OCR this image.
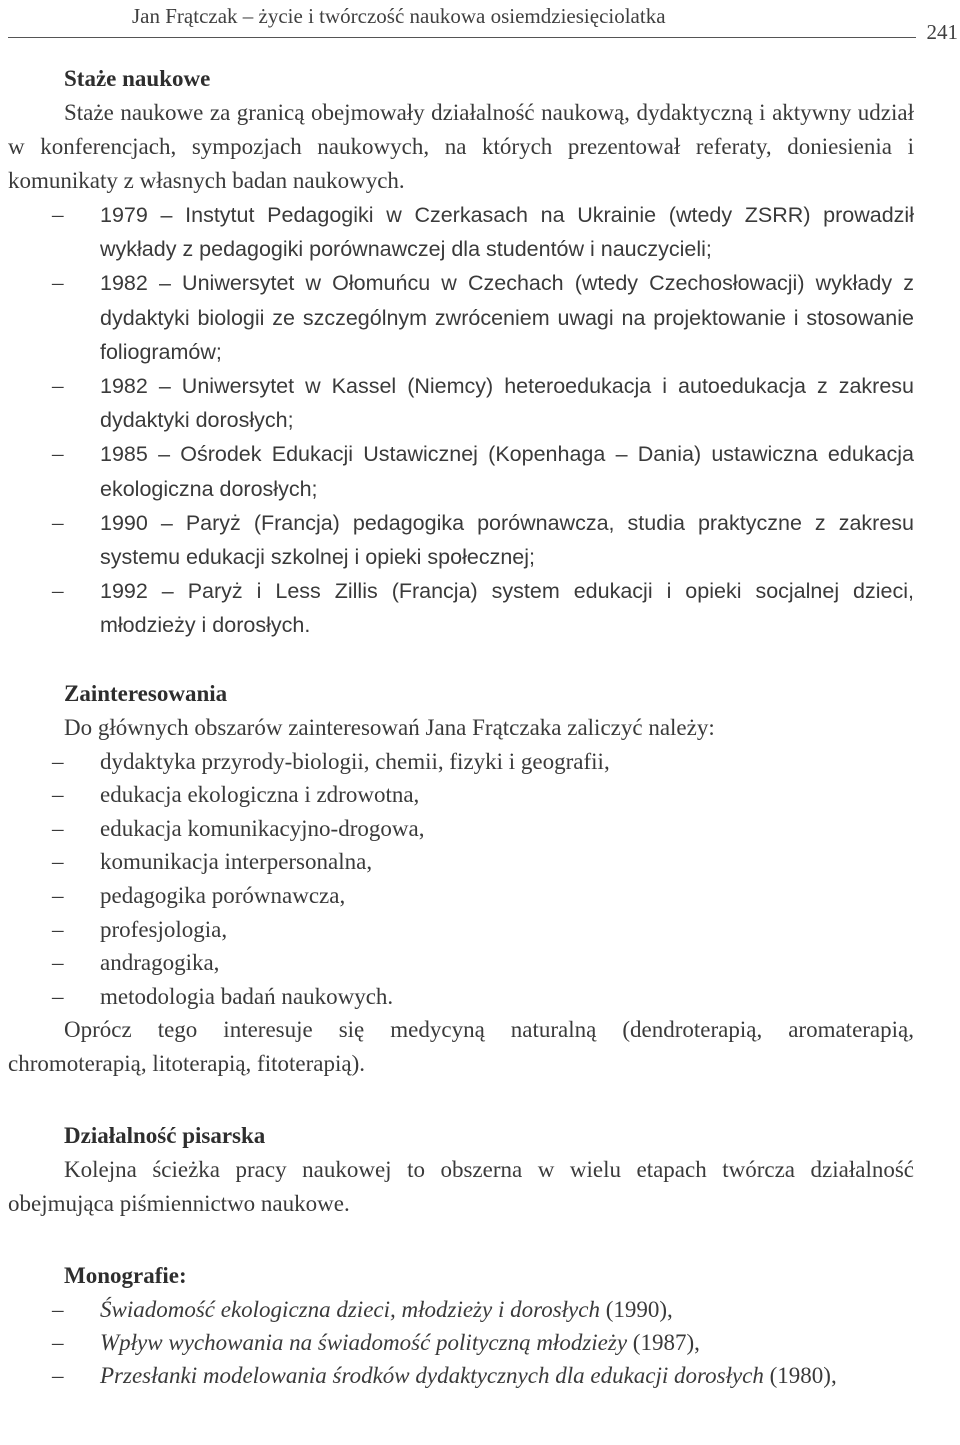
Jan Frątczak – życie i twórczość naukowa osiemdziesięciolatka
241
Staże naukowe

Staże naukowe za granicą obejmowały działalność naukową, dydaktyczną i aktywny udział w konferencjach, sympozjach naukowych, na których prezentował referaty, doniesienia i komunikaty z własnych badan naukowych.

–	1979 – Instytut Pedagogiki w Czerkasach na Ukrainie (wtedy ZSRR) prowadził wykłady z pedagogiki porównawczej dla studentów i nauczycieli;
–	1982 – Uniwersytet w Ołomuńcu w Czechach (wtedy Czechosłowacji) wykłady z dydaktyki biologii ze szczególnym zwróceniem uwagi na projektowanie i stosowanie foliogramów;
–	1982 – Uniwersytet w Kassel (Niemcy) heteroedukacja i autoedukacja z zakresu dydaktyki dorosłych;
–	1985 – Ośrodek Edukacji Ustawicznej (Kopenhaga – Dania) ustawiczna edukacja ekologiczna dorosłych;
–	1990 – Paryż (Francja) pedagogika porównawcza, studia praktyczne z zakresu systemu edukacji szkolnej i opieki społecznej;
–	1992 – Paryż i Less Zillis (Francja) system edukacji i opieki socjalnej dzieci, młodzieży i dorosłych.
Zainteresowania

Do głównych obszarów zainteresowań Jana Frątczaka zaliczyć należy:

–	dydaktyka przyrody-biologii, chemii, fizyki i geografii,
–	edukacja ekologiczna i zdrowotna,
–	edukacja komunikacyjno-drogowa,
–	komunikacja interpersonalna,
–	pedagogika porównawcza,
–	profesjologia,
–	andragogika,
–	metodologia badań naukowych.

Oprócz tego interesuje się medycyną naturalną (dendroterapią, aromaterapią, chromoterapią, litoterapią, fitoterapią).

Działalność pisarska

Kolejna ścieżka pracy naukowej to obszerna w wielu etapach twórcza działalność obejmująca piśmiennictwo naukowe.

Monografie:
–	Świadomość ekologiczna dzieci, młodzieży i dorosłych (1990),
–	Wpływ wychowania na świadomość polityczną młodzieży (1987),
–	Przesłanki modelowania środków dydaktycznych dla edukacji dorosłych (1980),
